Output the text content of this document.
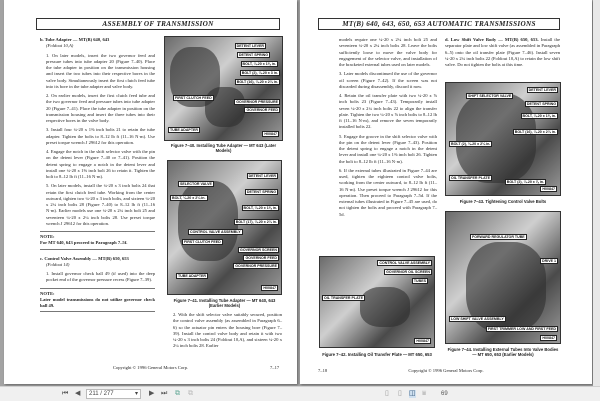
ASSEMBLY OF TRANSMISSION

b. Tube Adapter — MT(B) 640, 643

(Foldout 10,A)

1. On later models, insert the two governor feed and pressure tubes into tube adapter 20 (Figure 7–40). Place the tube adapter in position on the transmission housing and insert the two tubes into their respective bores in the valve body. Simultaneously insert the first clutch feed tube into its bore in the tube adapter and valve body.

2. On earlier models, insert the first clutch feed tube and the two governor feed and pressure tubes into tube adapter 20 (Figure 7–41). Place the tube adapter in position on the transmission housing and insert the three tubes into their respective bores in the valve body.

3. Install four ¼-20 x 1⅜ inch bolts 21 to retain the tube adapter. Tighten the bolts to 8–12 lb ft (11–16 N·m). Use preset torque wrench J 29612 for this operation.

4. Engage the notch in the shift selector valve with the pin on the detent lever (Figure 7–40 or 7–41). Position the detent spring to engage a notch in the detent lever and install one ¼-20 x 1⅜ inch bolt 26 to retain it. Tighten the bolt to 8–12 lb ft (11–16 N·m).

5. On later models, install the ¼-20 x 3 inch bolts 24 that retain the first clutch feed tube. Working from the center outward, tighten two ¼-20 x 3 inch bolts, and sixteen ¼-20 x 2¼ inch bolts 28 (Figure 7–40) to 8–12 lb ft (11–16 N·m). Earlier models use one ¼-20 x 2¼ inch bolt 25 and seventeen ¼-20 x 2¼ inch bolts 28. Use preset torque wrench J 29612 for this operation.

NOTE:
For MT 640, 643 proceed to Paragraph 7–5f.

c. Control Valve Assembly — MT(B) 650, 653

(Foldout 14)

1. Install governor check ball 49 (if used) into the deep pocket end of the governor pressure recess (Figure 7–39).

NOTE:
Later model transmissions do not utilize governor check ball 49.
DETENT LEVER
DETENT SPRING
BOLT, ¼-20 x 1⅜ in.
BOLT (2), ¼-20 x 3 in.
BOLT (16), ¼-20 x 2¼ in.
FIRST CLUTCH FEED
GOVERNOR PRESSURE
GOVERNOR FEED
TUBE ADAPTER
H00847
Figure 7–40. Installing Tube Adapter — MT 643 (Later Models)
SELECTOR VALVE
DETENT LEVER
BOLT, ¼-20 x 2¼ in.
DETENT SPRING
BOLT, ¼-20 x 1⅜ in.
BOLT (17), ¼-20 x 2¼ in.
CONTROL VALVE ASSEMBLY
FIRST CLUTCH FEED
GOVERNOR SCREEN
GOVERNOR FEED
GOVERNOR PRESSURE
TUBE ADAPTER
H00847
Figure 7–41. Installing Tube Adapter — MT 640, 643 (Earlier Models)

2. With the shift selector valve suitably secured, position the control valve assembly (as assembled in Paragraph 6–6) so the actuator pin enters the housing bore (Figure 7–39). Install the control valve body and retain it with two ¼-20 x 3 inch bolts 24 (Foldout 10,A), and sixteen ¼-20 x 2¼ inch bolts 28. Earlier

Copyright © 1996 General Motors Corp.	7–17
MT(B) 640, 643, 650, 653 AUTOMATIC TRANSMISSIONS

models require one ¼-20 x 2¼ inch bolt 25 and seventeen ¼-20 x 2¼ inch bolts 28. Leave the bolts sufficiently loose to move the valve body for engagement of the selector valve, and installation of the bracketed external tubes used on later models.

3. Later models discontinued the use of the governor oil screen (Figure 7–42). If the screen was not discarded during disassembly, discard it now.

4. Retain the oil transfer plate with two ¼-20 x ⅞ inch bolts 23 (Figure 7–43). Temporarily install seven ¼-20 x 2¼ inch bolts 22 to align the transfer plate. Tighten the two ¼-20 x ⅞ inch bolts to 8–12 lb ft (11–16 N·m), and remove the seven temporarily installed bolts 22.

5. Engage the groove in the shift selector valve with the pin on the detent lever (Figure 7–43). Position the detent spring to engage a notch in the detent lever and install one ¼-20 x 1⅜ inch bolt 26. Tighten the bolt to 8–12 lb ft (11–16 N·m).

6. If the external tubes illustrated in Figure 7–44 are used, tighten the eighteen control valve bolts, working from the center outward, to 8–12 lb ft (11–16 N·m). Use preset torque wrench J 29612 for this operation. Then proceed to Paragraph 7–5d. If the external tubes illustrated in Figure 7–45 are used, do not tighten the bolts and proceed with Paragraph 7–5d.

d. Low Shift Valve Body — MT(B) 650, 653. Install the separator plate and low shift valve (as assembled in Paragraph 6–5) onto the oil transfer plate (Figure 7–46). Install seven ¼-20 x 2¼ inch bolts 22 (Foldout 10,A) to retain the low shift valve. Do not tighten the bolts at this time.

CONTROL VALVE ASSEMBLY
GOVERNOR OIL SCREEN
TUBES
OIL TRANSFER PLATE
H00847
Figure 7–42. Installing Oil Transfer Plate — MT 650, 653
SHIFT SELECTOR VALVE
DETENT LEVER
DETENT SPRING
BOLT, ¼-20 x 1⅜ in.
BOLT (2), ¼-20 x 2¼ in.
BOLT (16), ¼-20 x 2¼ in.
OIL TRANSFER PLATE
BOLT (2), ¼-20 x ⅞ in.
H00847
Figure 7–43. Tightening Control Valve Bolts
FORWARD REGULATOR TUBE
DRIVE 1
LOW SHIFT VALVE ASSEMBLY
FIRST TRIMMER LOW AND FIRST FEED
H00847
Figure 7–44. Installing External Tubes Into Valve Bodies — MT 650, 653 (Earlier Models)
7–18	Copyright © 1996 General Motors Corp.
⏮ ◀	211 / 277	▾ ▶ ⏭ ⧉ ⧉	▯ ▯ ◫ ⩸ 69
